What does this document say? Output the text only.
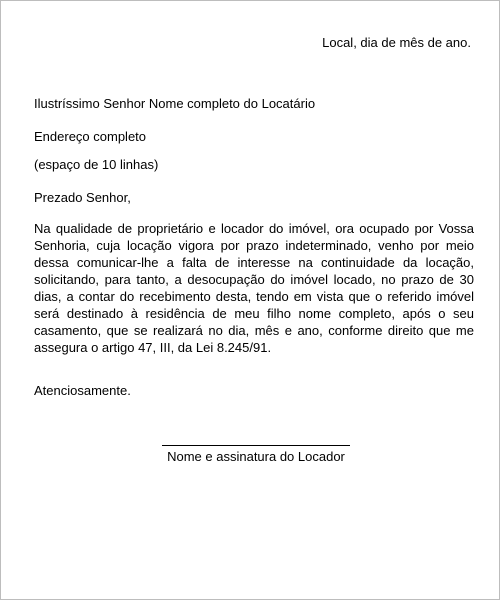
Local, dia de mês de ano.
Ilustríssimo Senhor Nome completo do Locatário
Endereço completo
(espaço de 10 linhas)
Prezado Senhor,
Na qualidade de proprietário e locador do imóvel, ora ocupado por Vossa Senhoria, cuja locação vigora por prazo indeterminado, venho por meio dessa comunicar-lhe a falta de interesse na continuidade da locação, solicitando, para tanto, a desocupação do imóvel locado, no prazo de 30 dias, a contar do recebimento desta, tendo em vista que o referido imóvel será destinado à residência de meu filho nome completo, após o seu casamento, que se realizará no dia, mês e ano, conforme direito que me assegura o artigo 47, III, da Lei 8.245/91.
Atenciosamente.
Nome e assinatura do Locador
